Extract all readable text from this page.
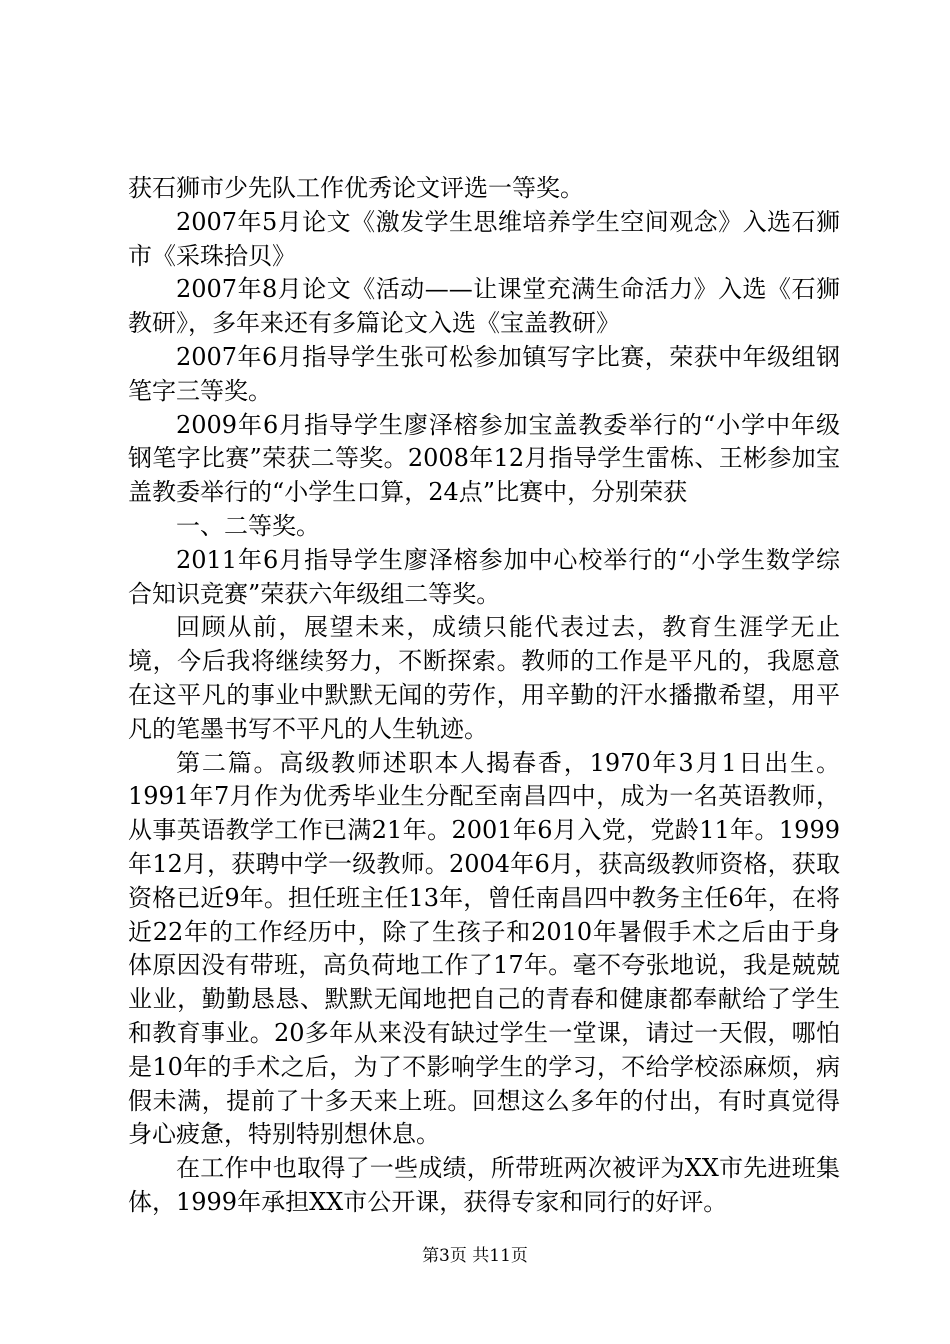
获石狮市少先队工作优秀论文评选一等奖。

2007年5月论文《激发学生思维培养学生空间观念》入选石狮市《采珠拾贝》

2007年8月论文《活动——让课堂充满生命活力》入选《石狮教研》，多年来还有多篇论文入选《宝盖教研》

2007年6月指导学生张可松参加镇写字比赛，荣获中年级组钢笔字三等奖。

2009年6月指导学生廖泽榕参加宝盖教委举行的“小学中年级钢笔字比赛”荣获二等奖。2008年12月指导学生雷栋、王彬参加宝盖教委举行的“小学生口算，24点”比赛中，分别荣获

一、二等奖。

2011年6月指导学生廖泽榕参加中心校举行的“小学生数学综合知识竞赛”荣获六年级组二等奖。

回顾从前，展望未来，成绩只能代表过去，教育生涯学无止境，今后我将继续努力，不断探索。教师的工作是平凡的，我愿意在这平凡的事业中默默无闻的劳作，用辛勤的汗水播撒希望，用平凡的笔墨书写不平凡的人生轨迹。

第二篇。高级教师述职本人揭春香，1970年3月1日出生。1991年7月作为优秀毕业生分配至南昌四中，成为一名英语教师，从事英语教学工作已满21年。2001年6月入党，党龄11年。1999年12月，获聘中学一级教师。2004年6月，获高级教师资格，获取资格已近9年。担任班主任13年，曾任南昌四中教务主任6年，在将近22年的工作经历中，除了生孩子和2010年暑假手术之后由于身体原因没有带班，高负荷地工作了17年。毫不夸张地说，我是兢兢业业，勤勤恳恳、默默无闻地把自己的青春和健康都奉献给了学生和教育事业。20多年从来没有缺过学生一堂课，请过一天假，哪怕是10年的手术之后，为了不影响学生的学习，不给学校添麻烦，病假未满，提前了十多天来上班。回想这么多年的付出，有时真觉得身心疲惫，特别特别想休息。

在工作中也取得了一些成绩，所带班两次被评为XX市先进班集体，1999年承担XX市公开课，获得专家和同行的好评。

第3页 共11页
